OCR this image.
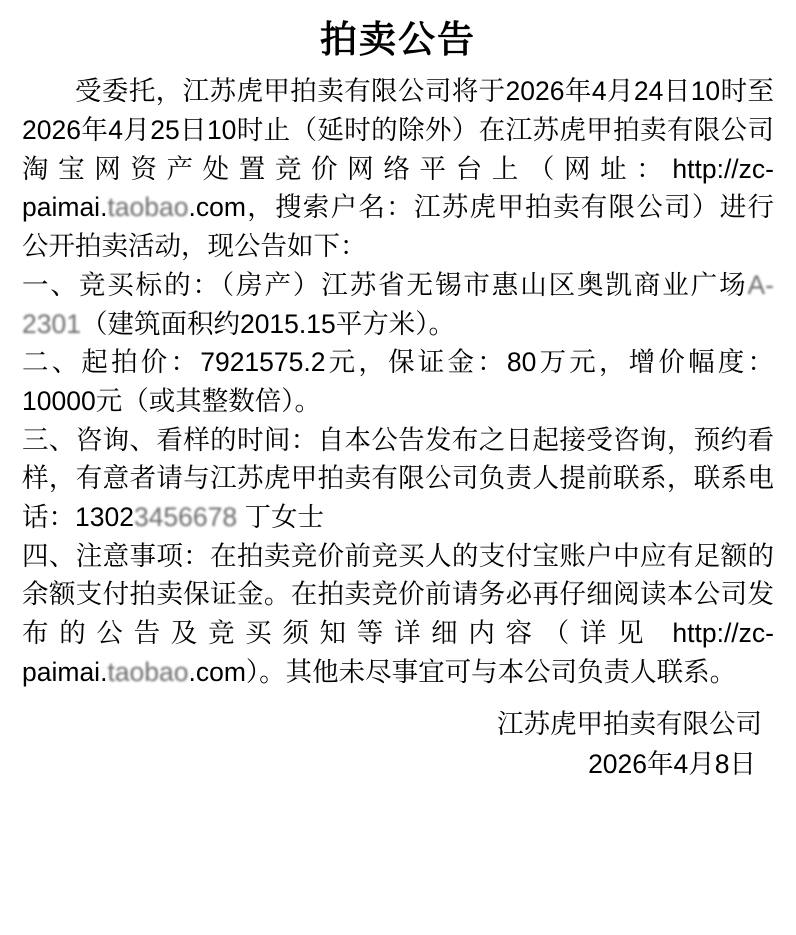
拍卖公告
受委托，江苏虎甲拍卖有限公司将于2026年4月24日10时至2026年4月25日10时止（延时的除外）在江苏虎甲拍卖有限公司淘宝网资产处置竞价网络平台上（网址：http://zc-paimai.taobao.com，搜索户名：江苏虎甲拍卖有限公司）进行公开拍卖活动，现公告如下：
一、竞买标的：（房产）江苏省无锡市惠山区奥凯商业广场A-2301（建筑面积约2015.15平方米）。
二、起拍价：7921575.2元，保证金：80万元，增价幅度：10000元（或其整数倍）。
三、咨询、看样的时间：自本公告发布之日起接受咨询，预约看样，有意者请与江苏虎甲拍卖有限公司负责人提前联系，联系电话：13023456678 丁女士
四、注意事项：在拍卖竞价前竞买人的支付宝账户中应有足额的余额支付拍卖保证金。在拍卖竞价前请务必再仔细阅读本公司发布的公告及竞买须知等详细内容（详见 http://zc-paimai.taobao.com）。其他未尽事宜可与本公司负责人联系。
江苏虎甲拍卖有限公司
2026年4月8日
